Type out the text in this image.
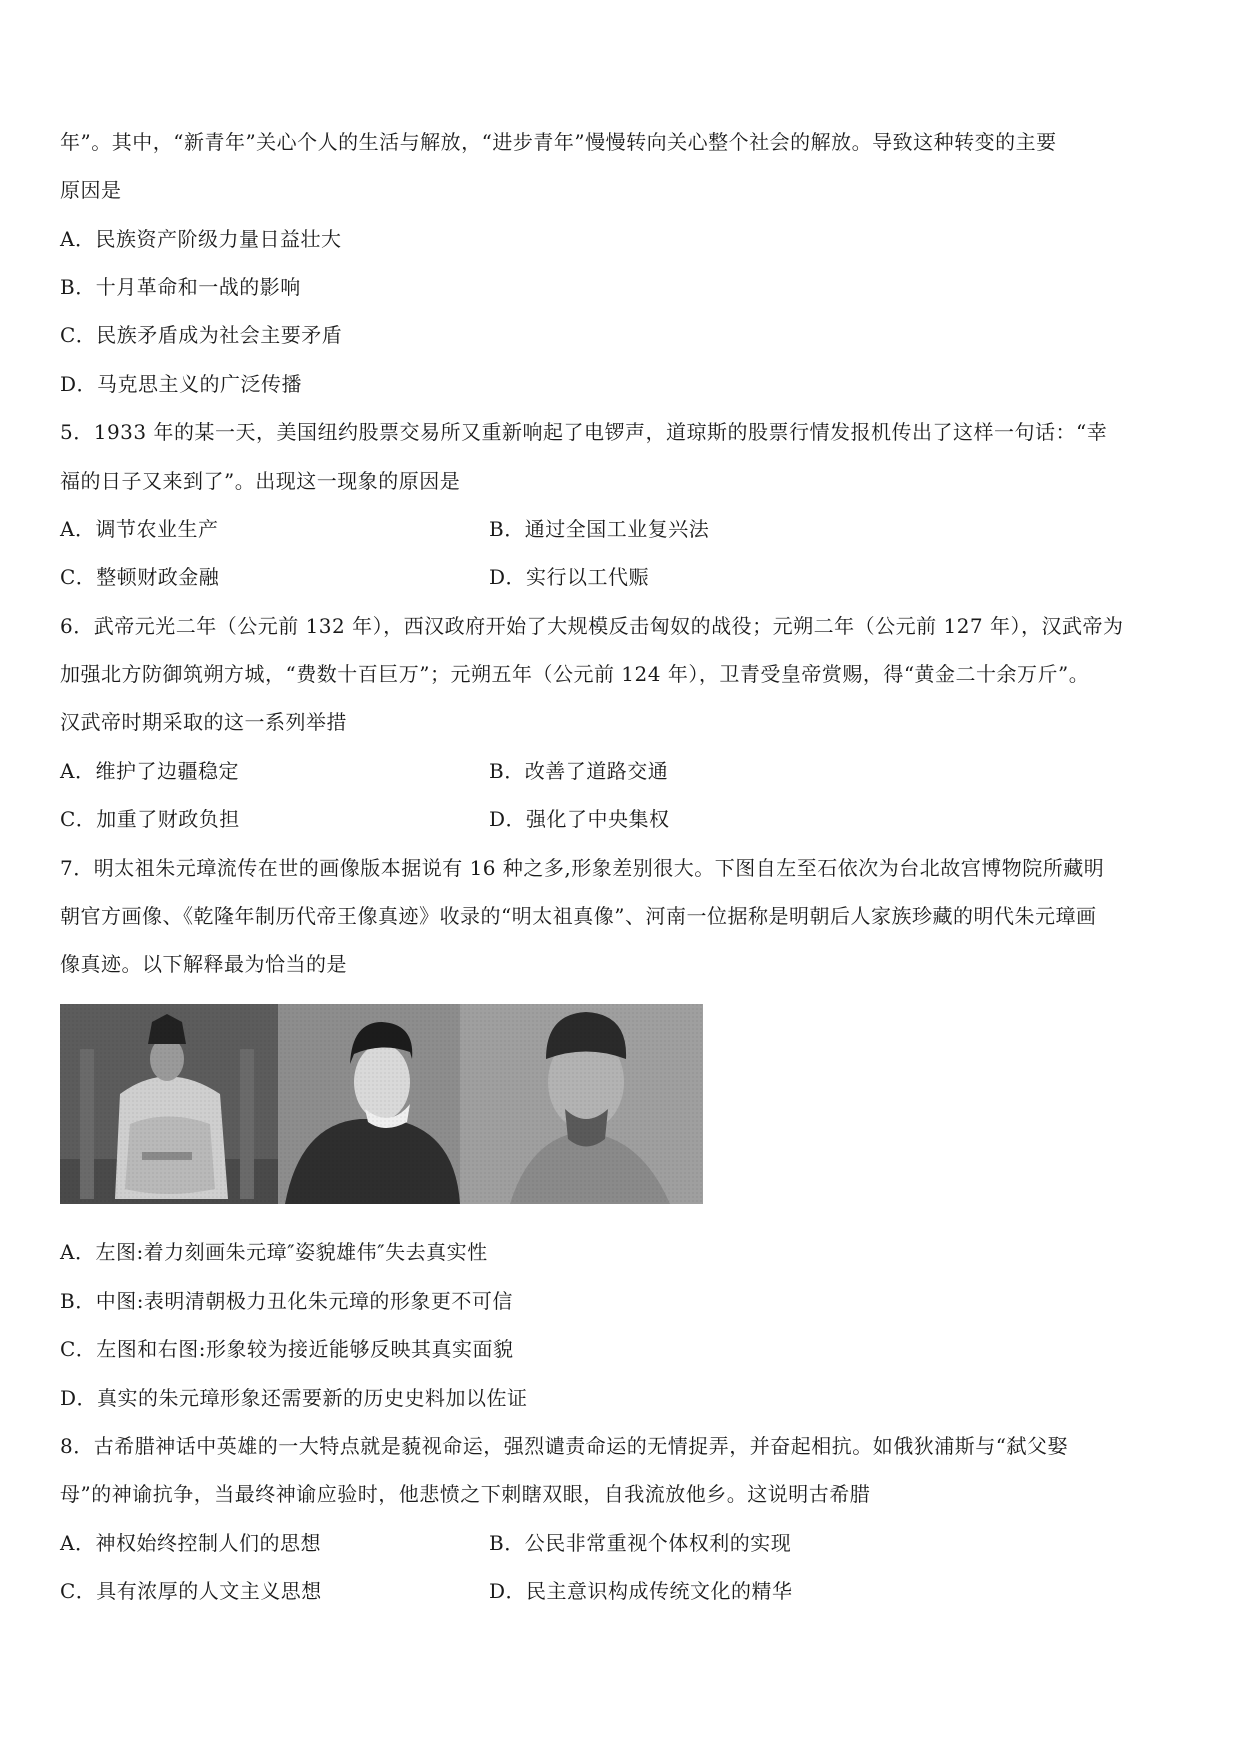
年”。其中，“新青年”关心个人的生活与解放，“进步青年”慢慢转向关心整个社会的解放。导致这种转变的主要
原因是
A．民族资产阶级力量日益壮大
B．十月革命和一战的影响
C．民族矛盾成为社会主要矛盾
D．马克思主义的广泛传播
5．1933 年的某一天，美国纽约股票交易所又重新响起了电锣声，道琼斯的股票行情发报机传出了这样一句话：“幸
福的日子又来到了”。出现这一现象的原因是
A．调节农业生产	B．通过全国工业复兴法
C．整顿财政金融	D．实行以工代赈
6．武帝元光二年（公元前 132 年），西汉政府开始了大规模反击匈奴的战役；元朔二年（公元前 127 年），汉武帝为
加强北方防御筑朔方城，“费数十百巨万”；元朔五年（公元前 124 年），卫青受皇帝赏赐，得“黄金二十余万斤”。
汉武帝时期采取的这一系列举措
A．维护了边疆稳定	B．改善了道路交通
C．加重了财政负担	D．强化了中央集权
7．明太祖朱元璋流传在世的画像版本据说有 16 种之多,形象差别很大。下图自左至石依次为台北故宫博物院所藏明
朝官方画像、《乾隆年制历代帝王像真迹》收录的“明太祖真像”、河南一位据称是明朝后人家族珍藏的明代朱元璋画
像真迹。以下解释最为恰当的是
A．左图:着力刻画朱元璋″姿貌雄伟″失去真实性
B．中图:表明清朝极力丑化朱元璋的形象更不可信
C．左图和右图:形象较为接近能够反映其真实面貌
D．真实的朱元璋形象还需要新的历史史料加以佐证
8．古希腊神话中英雄的一大特点就是藐视命运，强烈谴责命运的无情捉弄，并奋起相抗。如俄狄浦斯与“弑父娶
母”的神谕抗争，当最终神谕应验时，他悲愤之下刺瞎双眼，自我流放他乡。这说明古希腊
A．神权始终控制人们的思想	B．公民非常重视个体权利的实现
C．具有浓厚的人文主义思想	D．民主意识构成传统文化的精华
